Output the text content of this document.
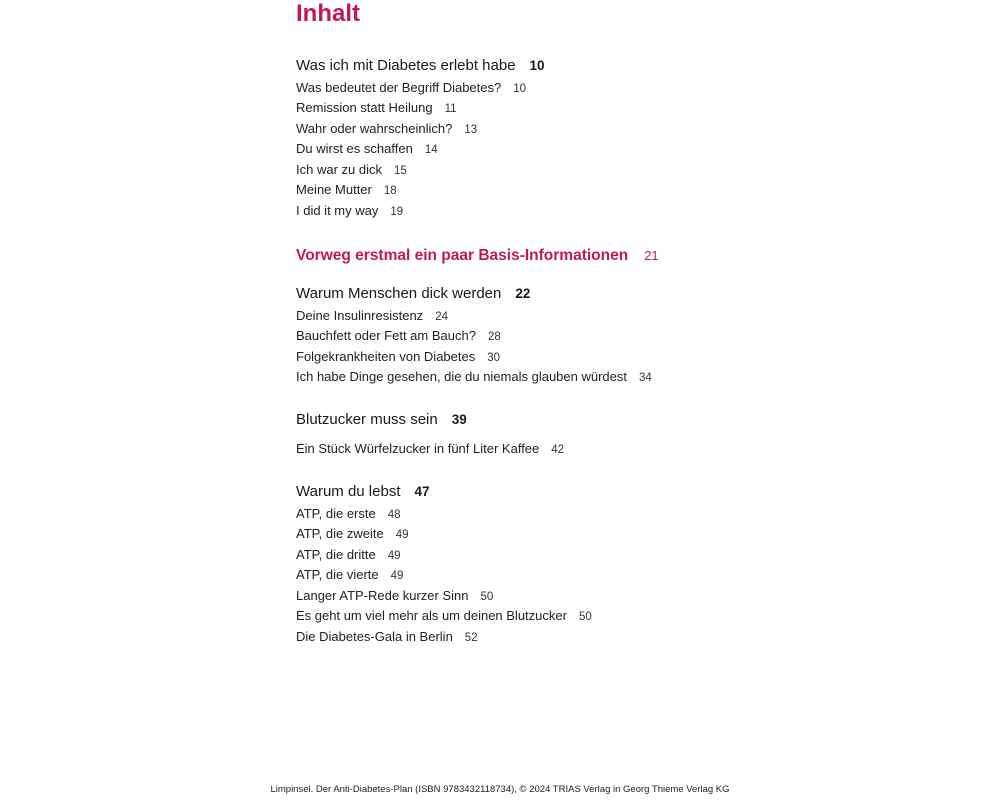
Inhalt
Was ich mit Diabetes erlebt habe 10
Was bedeutet der Begriff Diabetes? 10
Remission statt Heilung 11
Wahr oder wahrscheinlich? 13
Du wirst es schaffen 14
Ich war zu dick 15
Meine Mutter 18
I did it my way 19
Vorweg erstmal ein paar Basis-Informationen 21
Warum Menschen dick werden 22
Deine Insulinresistenz 24
Bauchfett oder Fett am Bauch? 28
Folgekrankheiten von Diabetes 30
Ich habe Dinge gesehen, die du niemals glauben würdest 34
Blutzucker muss sein 39
Ein Stück Würfelzucker in fünf Liter Kaffee 42
Warum du lebst 47
ATP, die erste 48
ATP, die zweite 49
ATP, die dritte 49
ATP, die vierte 49
Langer ATP-Rede kurzer Sinn 50
Es geht um viel mehr als um deinen Blutzucker 50
Die Diabetes-Gala in Berlin 52
Limpinsel. Der Anti-Diabetes-Plan (ISBN 9783432118734), © 2024 TRIAS Verlag in Georg Thieme Verlag KG
